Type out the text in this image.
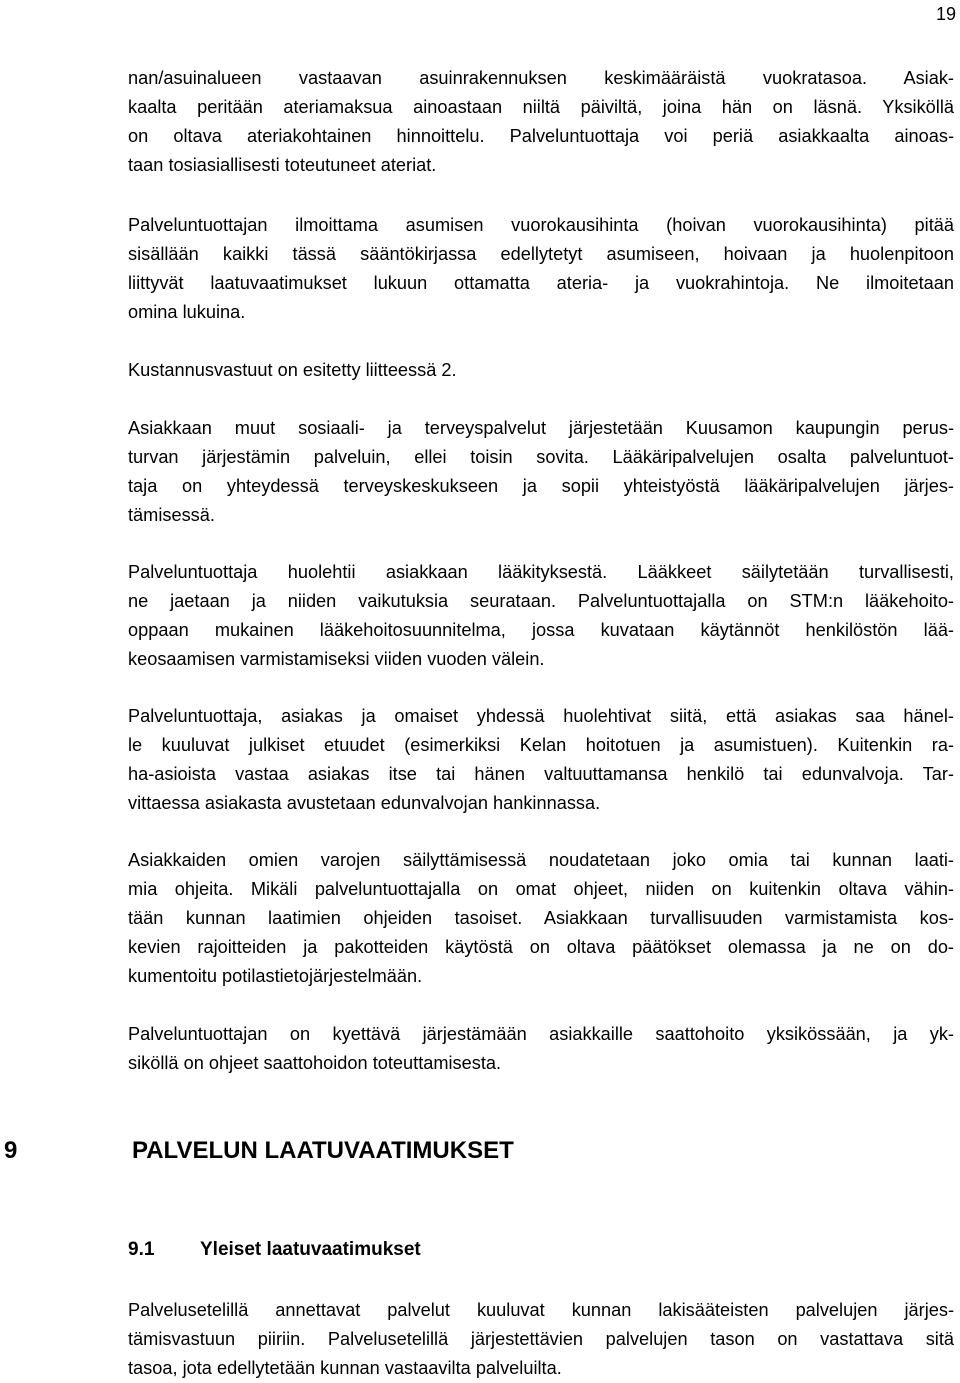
19

nan/asuinalueen vastaavan asuinrakennuksen keskimääräistä vuokratasoa. Asiak-
kaalta peritään ateriamaksua ainoastaan niiltä päiviltä, joina hän on läsnä. Yksiköllä
on oltava ateriakohtainen hinnoittelu. Palveluntuottaja voi periä asiakkaalta ainoas-
taan tosiasiallisesti toteutuneet ateriat.

Palveluntuottajan ilmoittama asumisen vuorokausihinta (hoivan vuorokausihinta) pitää
sisällään kaikki tässä sääntökirjassa edellytetyt asumiseen, hoivaan ja huolenpitoon
liittyvät laatuvaatimukset lukuun ottamatta ateria- ja vuokrahintoja. Ne ilmoitetaan
omina lukuina.

Kustannusvastuut on esitetty liitteessä 2.

Asiakkaan muut sosiaali- ja terveyspalvelut järjestetään Kuusamon kaupungin perus-
turvan järjestämin palveluin, ellei toisin sovita. Lääkäripalvelujen osalta palveluntuot-
taja on yhteydessä terveyskeskukseen ja sopii yhteistyöstä lääkäripalvelujen järjes-
tämisessä.

Palveluntuottaja huolehtii asiakkaan lääkityksestä. Lääkkeet säilytetään turvallisesti,
ne jaetaan ja niiden vaikutuksia seurataan. Palveluntuottajalla on STM:n lääkehoito-
oppaan mukainen lääkehoitosuunnitelma, jossa kuvataan käytännöt henkilöstön lää-
keosaamisen varmistamiseksi viiden vuoden välein.

Palveluntuottaja, asiakas ja omaiset yhdessä huolehtivat siitä, että asiakas saa hänel-
le kuuluvat julkiset etuudet (esimerkiksi Kelan hoitotuen ja asumistuen). Kuitenkin ra-
ha-asioista vastaa asiakas itse tai hänen valtuuttamansa henkilö tai edunvalvoja. Tar-
vittaessa asiakasta avustetaan edunvalvojan hankinnassa.

Asiakkaiden omien varojen säilyttämisessä noudatetaan joko omia tai kunnan laati-
mia ohjeita. Mikäli palveluntuottajalla on omat ohjeet, niiden on kuitenkin oltava vähin-
tään kunnan laatimien ohjeiden tasoiset. Asiakkaan turvallisuuden varmistamista kos-
kevien rajoitteiden ja pakotteiden käytöstä on oltava päätökset olemassa ja ne on do-
kumentoitu potilastietojärjestelmään.

Palveluntuottajan on kyettävä järjestämään asiakkaille saattohoito yksikössään, ja yk-
siköllä on ohjeet saattohoidon toteuttamisesta.

9	PALVELUN LAATUVAATIMUKSET
9.1 Yleiset laatuvaatimukset

Palvelusetelillä annettavat palvelut kuuluvat kunnan lakisääteisten palvelujen järjes-
tämisvastuun piiriin. Palvelusetelillä järjestettävien palvelujen tason on vastattava sitä
tasoa, jota edellytetään kunnan vastaavilta palveluilta.
